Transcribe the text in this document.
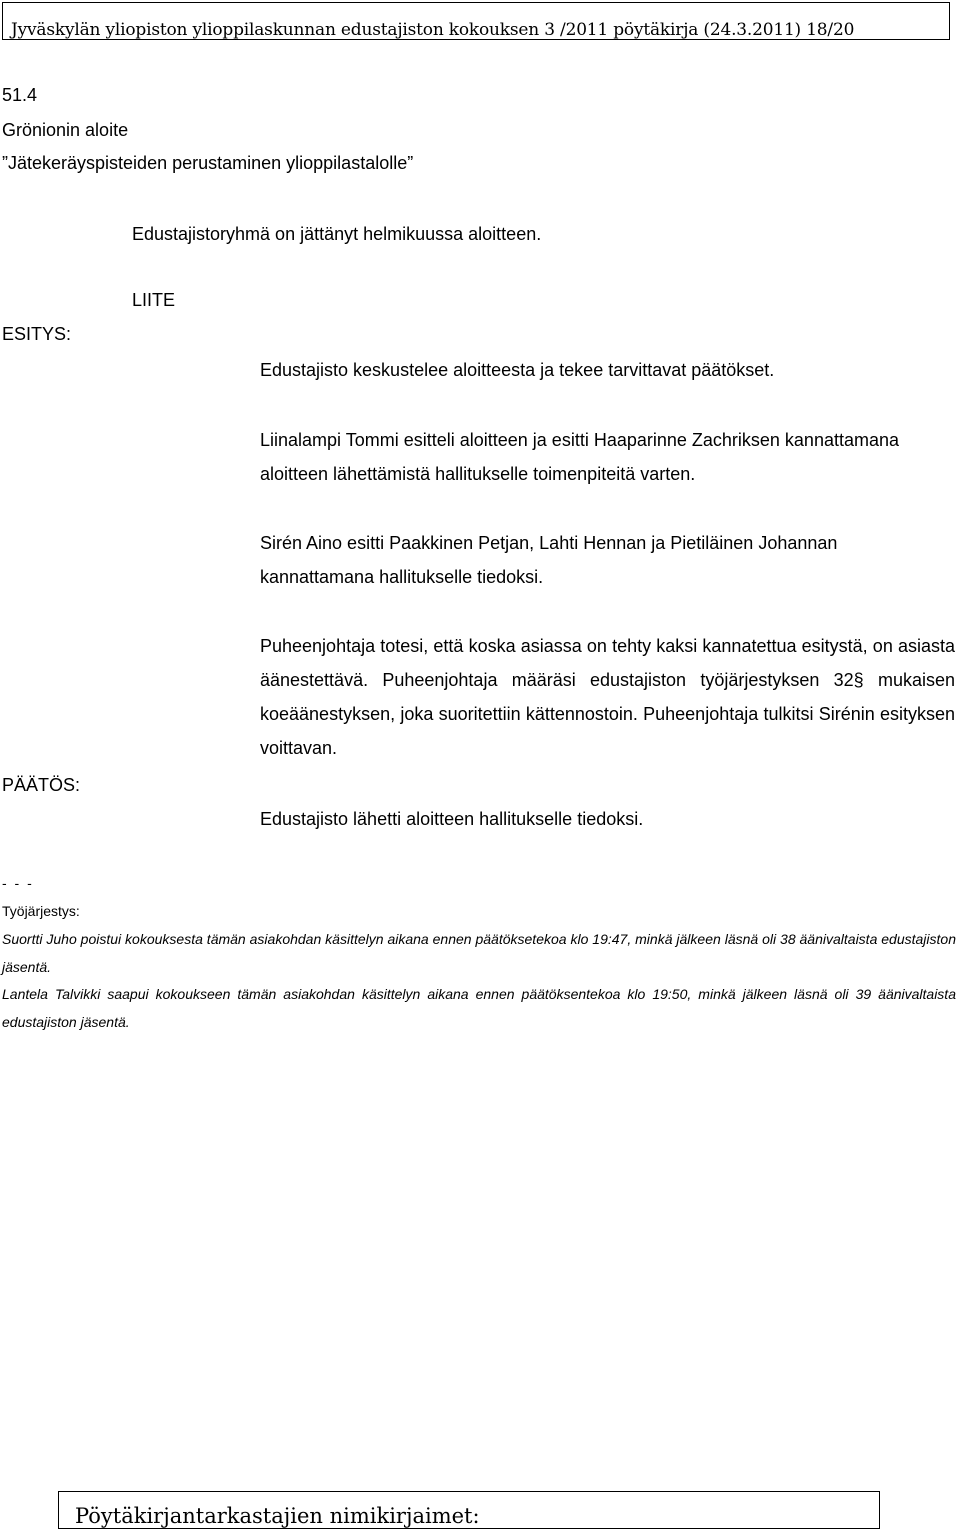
Jyväskylän yliopiston ylioppilaskunnan edustajiston kokouksen 3 /2011 pöytäkirja (24.3.2011) 18/20
51.4
Grönionin aloite
”Jätekeräyspisteiden perustaminen ylioppilastalolle”
Edustajistoryhmä on jättänyt helmikuussa aloitteen.
LIITE
ESITYS:
Edustajisto keskustelee aloitteesta ja tekee tarvittavat päätökset.
Liinalampi Tommi esitteli aloitteen ja esitti Haaparinne Zachriksen kannattamana aloitteen lähettämistä hallitukselle toimenpiteitä varten.
Sirén Aino esitti Paakkinen Petjan, Lahti Hennan ja Pietiläinen Johannan kannattamana hallitukselle tiedoksi.
Puheenjohtaja totesi, että koska asiassa on tehty kaksi kannatettua esitystä, on asiasta äänestettävä. Puheenjohtaja määräsi edustajiston työjärjestyksen 32§ mukaisen koeäänestyksen, joka suoritettiin kättennostoin. Puheenjohtaja tulkitsi Sirénin esityksen voittavan.
PÄÄTÖS:
Edustajisto lähetti aloitteen hallitukselle tiedoksi.
- - -
Työjärjestys:
Suortti Juho poistui kokouksesta tämän asiakohdan käsittelyn aikana ennen päätöksetekoa klo 19:47, minkä jälkeen läsnä oli 38 äänivaltaista edustajiston jäsentä.
Lantela Talvikki saapui kokoukseen tämän asiakohdan käsittelyn aikana ennen päätöksentekoa klo 19:50, minkä jälkeen läsnä oli 39 äänivaltaista edustajiston jäsentä.
Pöytäkirjantarkastajien nimikirjaimet:
